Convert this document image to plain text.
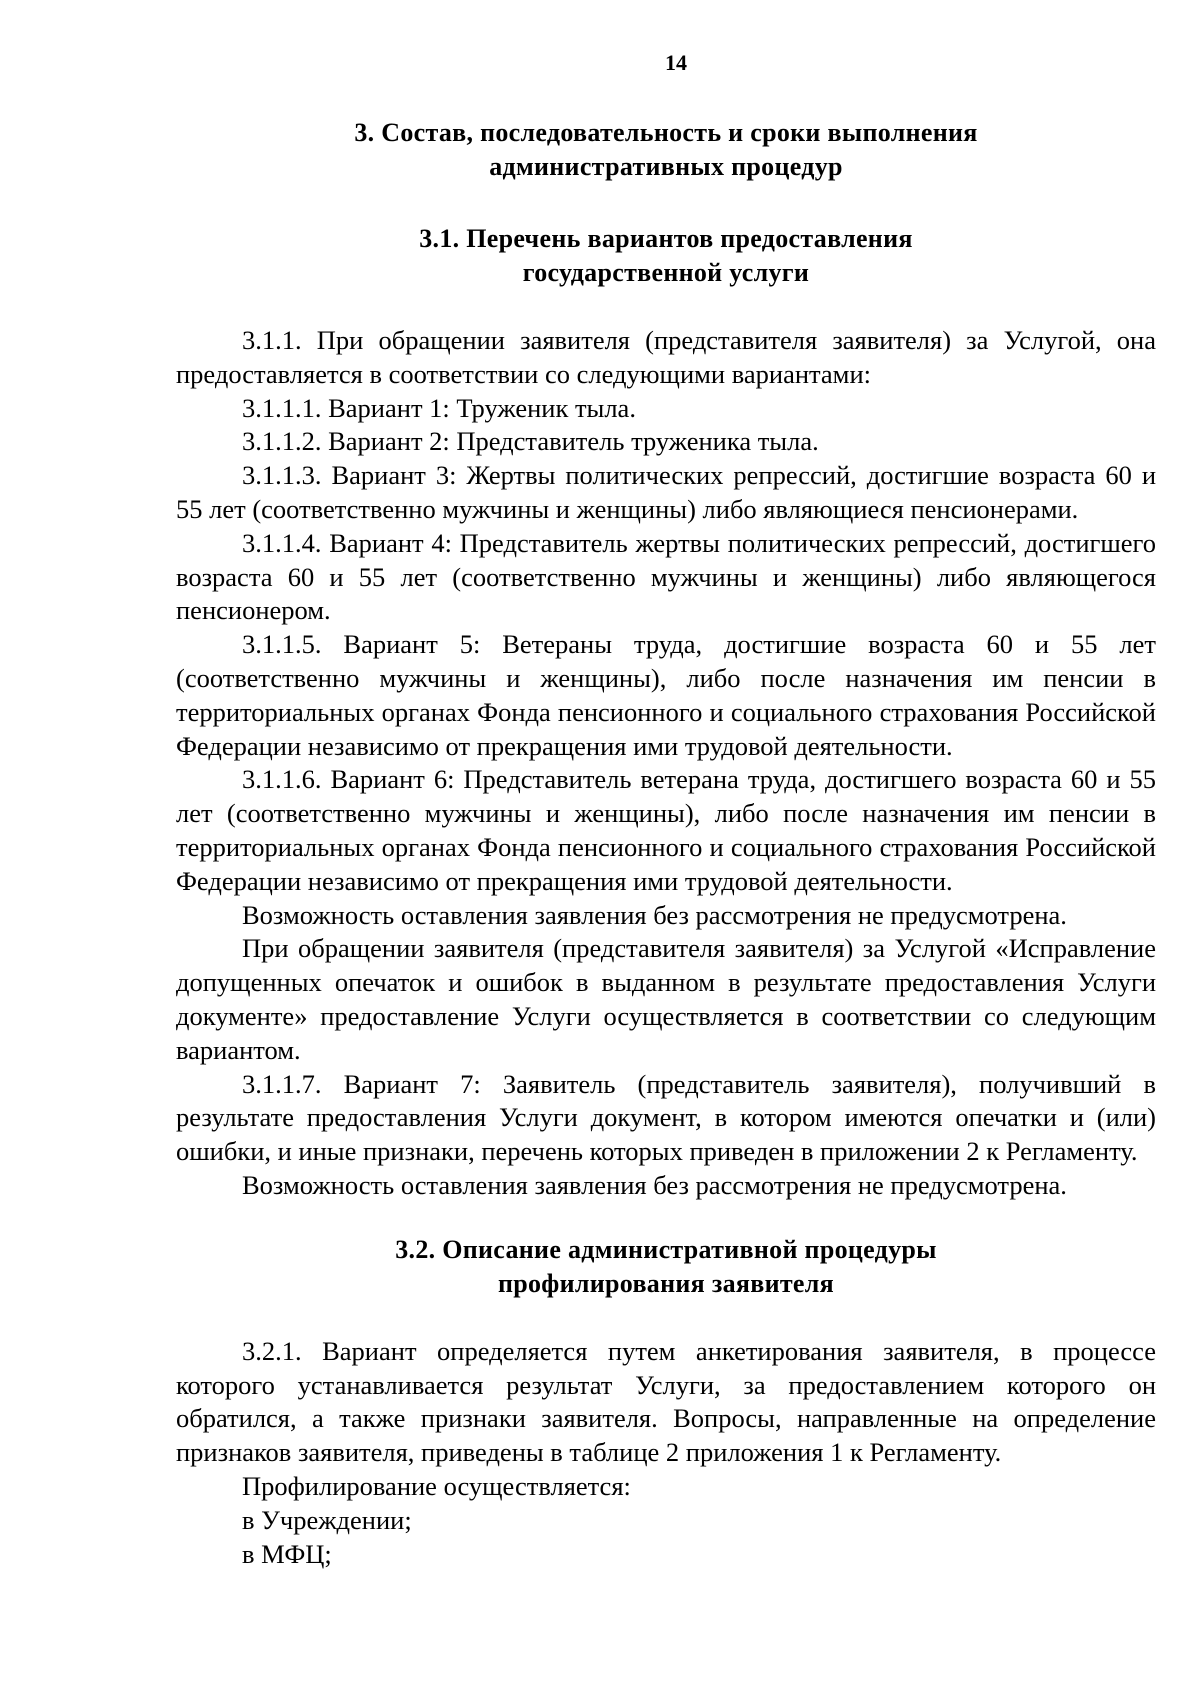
14
3. Состав, последовательность и сроки выполнения
административных процедур
3.1. Перечень вариантов предоставления
государственной услуги

3.1.1. При обращении заявителя (представителя заявителя) за Услугой, она предоставляется в соответствии со следующими вариантами:

3.1.1.1. Вариант 1: Труженик тыла.

3.1.1.2. Вариант 2: Представитель труженика тыла.

3.1.1.3. Вариант 3: Жертвы политических репрессий, достигшие возраста 60 и 55 лет (соответственно мужчины и женщины) либо являющиеся пенсионерами.

3.1.1.4. Вариант 4: Представитель жертвы политических репрессий, достигшего возраста 60 и 55 лет (соответственно мужчины и женщины) либо являющегося пенсионером.

3.1.1.5. Вариант 5: Ветераны труда, достигшие возраста 60 и 55 лет (соответственно мужчины и женщины), либо после назначения им пенсии в территориальных органах Фонда пенсионного и социального страхования Российской Федерации независимо от прекращения ими трудовой деятельности.

3.1.1.6. Вариант 6: Представитель ветерана труда, достигшего возраста 60 и 55 лет (соответственно мужчины и женщины), либо после назначения им пенсии в территориальных органах Фонда пенсионного и социального страхования Российской Федерации независимо от прекращения ими трудовой деятельности.

Возможность оставления заявления без рассмотрения не предусмотрена.

При обращении заявителя (представителя заявителя) за Услугой «Исправление допущенных опечаток и ошибок в выданном в результате предоставления Услуги документе» предоставление Услуги осуществляется в соответствии со следующим вариантом.

3.1.1.7. Вариант 7: Заявитель (представитель заявителя), получивший в результате предоставления Услуги документ, в котором имеются опечатки и (или) ошибки, и иные признаки, перечень которых приведен в приложении 2 к Регламенту.

Возможность оставления заявления без рассмотрения не предусмотрена.

3.2. Описание административной процедуры
профилирования заявителя

3.2.1. Вариант определяется путем анкетирования заявителя, в процессе которого устанавливается результат Услуги, за предоставлением которого он обратился, а также признаки заявителя. Вопросы, направленные на определение признаков заявителя, приведены в таблице 2 приложения 1 к Регламенту.

Профилирование осуществляется:

в Учреждении;

в МФЦ;
